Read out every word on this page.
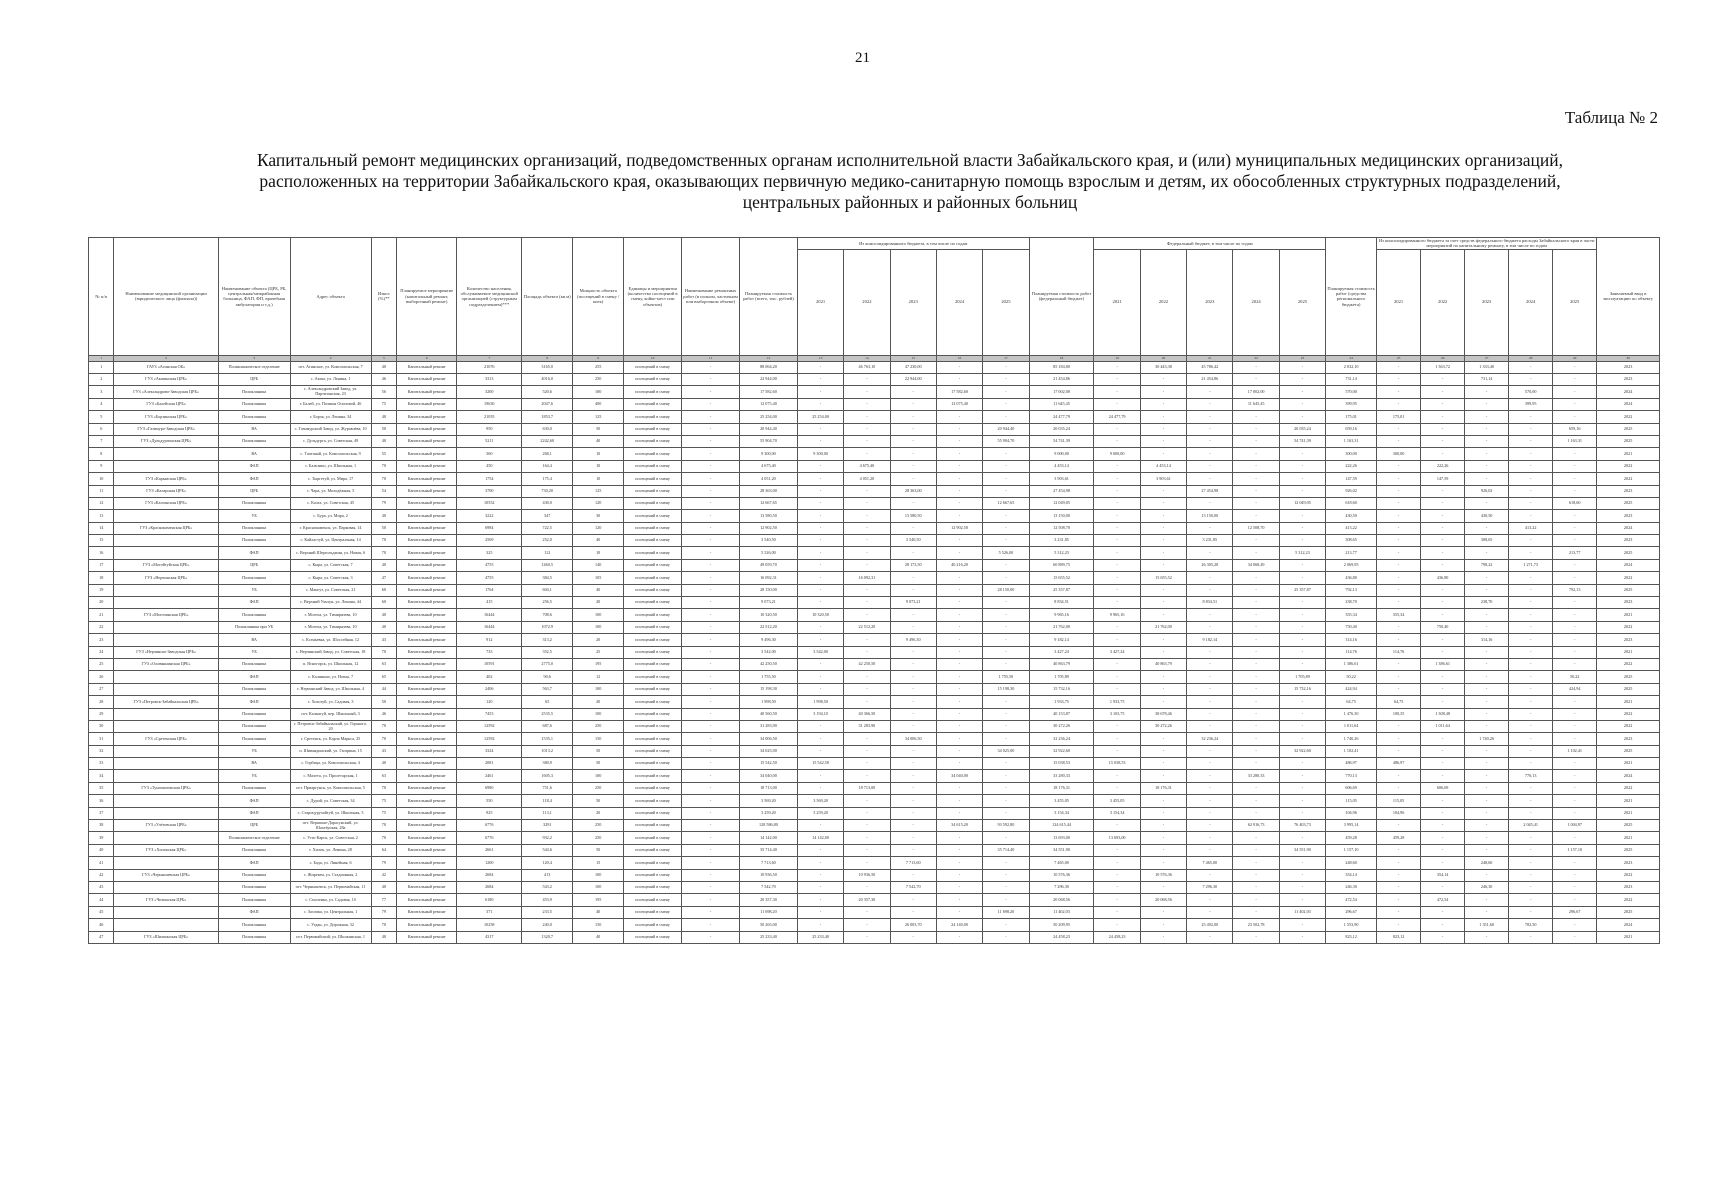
21
Таблица № 2
Капитальный ремонт медицинских организаций, подведомственных органам исполнительной власти Забайкальского края, и (или) муниципальных медицинских организаций,
расположенных на территории Забайкальского края, оказывающих первичную медико-санитарную помощь взрослым и детям, их обособленных структурных подразделений,
центральных районных и районных больниц
№ п/п	Наименование медицинской организации (юридического лица (филиала))	Наименование объекта (ЦРБ, РБ, центральная/межрайонная больница, ФАП, ФП, врачебная амбулатория и т.д.)	Адрес объекта	Износ (%)**	Планируемое мероприятие (капитальный ремонт, выборочный ремонт)	Количество населения, обслуживаемое медицинской организацией (структурным подразделением)***	Площадь объекта (кв.м)	Мощность объекта (посещений в смену / коек)	Единицы и мероприятия (количество посещений в смену, койко-мест или объектов)	Наименование ремонтных работ (в полном, частичном или выборочном объеме)	Планируемая стоимость работ (всего, тыс. рублей)	Из консолидированного бюджета, в том числе по годам					Планируемая стоимость работ (федеральный бюджет)	Федеральный бюджет, в том числе по годам					Планируемая стоимость работ (средства регионального бюджета)	Из консолидированного бюджета за счет средств федерального бюджета расходы Забайкальского края в части мероприятий по капитальному ремонту, в том числе по годам					Заявляемый ввод в эксплуатацию по объекту
												2021	2022	2023	2024	2025		2021	2022	2023	2024	2025		2021	2022	2023	2024	2025	
1	2	3	4	5	6	7	8	9	10	11	12	13	14	15	16	17	18	19	20	21	22	23	24	25	26	27	28	29	30
1	ГАУЗ «Агинская ОБ»	Поликлиническое отделение	пгт. Агинское, ул. Комсомольская, 7	40	Капитальный ремонт	21076	3165,0	255	посещений в смену	-	88 064,20	-	46 763,10	47 230,00	-	-	85 184,80	-	30 443,38	45 786,42	-	-	2 032,10	-	1 363,72	1 333,40	-	-	2023
2	ГУЗ «Акшинская ЦРБ»	ЦРБ	с. Акша, ул. Ленина, 1	46	Капитальный ремонт	3313	4016,0	250	посещений в смену	-	22 944,00	-	-	22 944,00	-	-	21 454,86	-	-	21 454,86	-	-	731,14	-	-	731,14	-	-	2023
3	ГУЗ «Александрово-Заводская ЦРБ»	Поликлиника	с. Александровский Завод, ул. Партизанская, 23	56	Капитальный ремонт	3200	520,6	100	посещений в смену	-	17 582,60	-	-	-	17 582,60	-	17 002,00	-	-	-	17 002,00	-	570,00	-	-	-	570,00	-	2024
4	ГУЗ «Балейская ЦРБ»	Поликлиника	г. Балей, ул. Полины Осиповой, 46	75	Капитальный ремонт	19630	2047,6	400	посещений в смену	-	12 075,40	-	-	-	12 075,40	-	11 645,45	-	-	-	11 645,45	-	399,95	-	-	-	399,95	-	2024
5	ГУЗ «Борзинская ЦРБ»	Поликлиника	г. Борзя, ул. Ленина, 34	40	Капитальный ремонт	21035	1853,7	125	посещений в смену	-	25 254,00	25 254,00	-	-	-	-	24 477,79	24 477,79	-	-	-	-	175,01	175,01	-	-	-	-	2022
6	ГУЗ «Газимуро-Заводская ЦРБ»	ВА	с. Газимурский Завод, ул. Журавлёва, 10	50	Капитальный ремонт	950	630,0	50	посещений в смену	-	20 944,40	-	-	-	-	20 944,40	20 035,24	-	-	-	-	20 035,24	659,16	-	-	-	-	659,16	2025
7	ГУЗ «Дульдургинская ЦРБ»	Поликлиника	с. Дульдурга, ул. Советская, 49	40	Капитальный ремонт	5211	2242,60	40	посещений в смену	-	55 904,70	-	-	-	-	55 904,70	54 741,39	-	-	-	-	54 741,39	1 163,31	-	-	-	-	1 163,31	2025
8		ВА	с. Таптанай, ул. Комсомольская, 9	55	Капитальный ремонт	360	268,1	10	посещений в смену	-	9 300,00	9 300,00	-	-	-	-	9 000,00	9 000,00	-	-	-	-	300,00	300,00	-	-	-	-	2021
9		ФАП	с. Бальзино, ул. Школьная, 1	70	Капитальный ремонт	450	164,4	10	посещений в смену	-	4 675,40	-	4 675,40	-	-	-	4 453,14	-	4 453,14	-	-	-	222,26	-	222,26	-	-	-	2022
10	ГУЗ «Карымская ЦРБ»	ФАП	с. Тыргетуй, ул. Мира, 17	70	Капитальный ремонт	1754	175,4	10	посещений в смену	-	4 051,20	-	4 051,20	-	-	-	3 903,61	-	3 903,61	-	-	-	147,59	-	147,59	-	-	-	2022
11	ГУЗ «Каларская ЦРБ»	ЦРБ	с. Чара, ул. Молодёжная, 5	54	Капитальный ремонт	3700	730,20	125	посещений в смену	-	28 363,00	-	-	28 363,00	-	-	27 454,98	-	-	27 454,98	-	-	926,02	-	-	926,02	-	-	2023
12	ГУЗ «Калганская ЦРБ»	Поликлиника	с. Калга, ул. Советская, 45	79	Капитальный ремонт	10552	430,0	120	посещений в смену	-	12 667,65	-	-	-	-	12 667,65	12 049,05	-	-	-	-	12 049,05	618,60	-	-	-	-	618,60	2025
13		УБ	с. Бура, ул. Мира, 2	40	Капитальный ремонт	3222	347	30	посещений в смену	-	13 580,50	-	-	13 580,50	-	-	13 150,00	-	-	13 150,00	-	-	430,50	-	-	430,50	-	-	2023
14	ГУЗ «Краснокаменская ЦРБ»	Поликлиника	г. Краснокаменск, ул. Парковая, 14	50	Капитальный ремонт	6984	722,5	120	посещений в смену	-	12 902,50	-	-	-	12 902,50	-	12 508,70	-	-	-	12 508,70	-	413,22	-	-	-	413,22	-	2024
15		Поликлиника	с. Кайластуй, ул. Центральная, 14	70	Капитальный ремонт	2569	252,0	40	посещений в смену	-	3 540,50	-	-	3 540,50	-	-	3 231,85	-	-	3 231,85	-	-	308,65	-	-	308,65	-	-	2023
16		ФАП	с. Верхний Шергольджин, ул. Новая, 6	70	Капитальный ремонт	325	112	10	посещений в смену	-	5 526,00	-	-	-	-	5 526,00	5 312,23	-	-	-	-	5 312,23	213,77	-	-	-	-	213,77	2025
17	ГУЗ «Могойтуйская ЦРБ»	ЦРБ	с. Кыра, ул. Советская, 7	40	Капитальный ремонт	4755	1460,5	140	посещений в смену	-	49 059,70	-	-	28 173,50	40 216,20	-	60 889,75	-	-	26 305,28	34 068,49	-	2 069,95	-	-	798,22	1 271,73	-	2024
18	ГУЗ «Нерчинская ЦРБ»	Поликлиника	с. Кыра, ул. Советская, 3	47	Капитальный ремонт	4755	384,5	105	посещений в смену	-	16 092,31	-	16 092,31	-	-	-	15 655,52	-	15 655,52	-	-	-	436,80	-	436,80	-	-	-	2022
19		УБ	с. Мангут, ул. Советская, 21	60	Капитальный ремонт	1764	604,1	40	посещений в смену	-	28 150,00	-	-	-	-	28 150,00	25 357,87	-	-	-	-	25 357,87	792,13	-	-	-	-	792,13	2025
20		ФАП	с. Верхний Ульхун, ул. Ленина, 44	60	Капитальный ремонт	415	256,5	20	посещений в смену	-	9 073,21	-	-	9 073,21	-	-	8 834,51	-	-	8 834,51	-	-	238,70	-	-	238,70	-	-	2023
21	ГУЗ «Могочинская ЦРБ»	Поликлиника	г. Могоча, ул. Тимирязева, 10	40	Капитальный ремонт	16444	708,6	100	посещений в смену	-	10 320,50	10 320,50	-	-	-	-	9 965,16	9 965,16	-	-	-	-	355,34	355,34	-	-	-	-	2021
22		Поликлиника при УБ	г. Могоча, ул. Тимирязева, 10	40	Капитальный ремонт	16444	1072,9	100	посещений в смену	-	22 512,20	-	22 512,20	-	-	-	21 762,00	-	21 762,00	-	-	-	750,40	-	750,40	-	-	-	2022
23		ВА	с. Ксеньевка, ул. Шоссейная, 12	43	Капитальный ремонт	912	313,2	20	посещений в смену	-	9 496,30	-	-	9 496,30	-	-	9 182,14	-	-	9 182,14	-	-	314,16	-	-	314,16	-	-	2023
24	ГУЗ «Нерчинско-Заводская ЦРБ»	УБ	с. Нерчинский Завод, ул. Советская, 18	70	Капитальный ремонт	733	352,5	25	посещений в смену	-	3 542,00	3 542,00	-	-	-	-	3 427,24	3 427,24	-	-	-	-	114,76	114,76	-	-	-	-	2021
25	ГУЗ «Оловяннинская ЦРБ»	Поликлиника	п. Ясногорск, ул. Школьная, 12	63	Капитальный ремонт	10591	2775,0	195	посещений в смену	-	42 250,50	-	42 250,50	-	-	-	40 863,79	-	40 863,79	-	-	-	1 386,61	-	1 386,61	-	-	-	2022
26		ФАП	с. Калинино, ул. Новая, 7	65	Капитальный ремонт	402	90,6	12	посещений в смену	-	1 755,50	-	-	-	-	1 755,50	1 705,89	-	-	-	-	1 705,89	50,22	-	-	-	-	50,22	2025
27		Поликлиника	г. Нерчинский Завод, ул. Школьная, 4	44	Капитальный ремонт	2406	563,7	100	посещений в смену	-	15 198,30	-	-	-	-	15 198,30	15 732,16	-	-	-	-	15 732,16	424,94	-	-	-	-	424,94	2025
28	ГУЗ «Петровск-Забайкальская ЦРБ»	ФАП	с. Хохотуй, ул. Садовая, 3	50	Капитальный ремонт	120	65	20	посещений в смену	-	1 998,50	1 998,50	-	-	-	-	1 933,75	1 933,75	-	-	-	-	64,75	64,75	-	-	-	-	2021
29		Поликлиника	пгт. Калангуй, пер. Школьный, 3	46	Капитальный ремонт	7453	2535,5	100	посещений в смену	-	40 560,50	3 194,10	40 366,50	-	-	-	40 153,87	3 103,75	38 678,46	-	-	-	1 476,30	100,35	1 308,48	-	-	-	2022
30		Поликлиника	г. Петровск-Забайкальский, ул. Горького, 20	70	Капитальный ремонт	12592	687,6	250	посещений в смену	-	31 283,90	-	31 283,90	-	-	-	30 272,26	-	30 272,26	-	-	-	1 011,64	-	1 011,64	-	-	-	2022
31	ГУЗ «Сретенская ЦРБ»	Поликлиника	г. Сретенск, ул. Карла Маркса, 25	70	Капитальный ремонт	12592	1535,1	150	посещений в смену	-	34 006,50	-	-	34 006,50	-	-	32 236,24	-	-	32 236,24	-	-	1 740,26	-	-	1 740,26	-	-	2023
32		УБ	п. Шивандинский, ул. Гагарина, 15	43	Капитальный ремонт	3324	1013,2	50	посещений в смену	-	34 025,00	-	-	-	-	34 025,00	32 922,60	-	-	-	-	32 922,60	1 102,41	-	-	-	-	1 102,41	2025
33		ВА	с. Горбица, ул. Комсомольская, 4	40	Капитальный ремонт	2081	380,9	50	посещений в смену	-	15 542,50	15 542,50	-	-	-	-	15 038,53	15 038,53	-	-	-	-	486,97	486,97	-	-	-	-	2021
34		УБ	с. Малета, ул. Пролетарская, 1	63	Капитальный ремонт	2461	1605,3	100	посещений в смену	-	34 040,00	-	-	-	34 040,00	-	33 280,33	-	-	-	33 280,33	-	770,13	-	-	-	770,13	-	2024
35	ГУЗ «Тунгокоченская ЦРБ»	Поликлиника	пгт. Приаргунск, ул. Комсомольская, 5	70	Капитальный ремонт	6980	751,6	250	посещений в смену	-	18 713,00	-	18 713,00	-	-	-	18 176,31	-	18 176,31	-	-	-	606,69	-	606,69	-	-	-	2022
36		ФАП	с. Дурой, ул. Советская, 34	75	Капитальный ремонт	550	118,4	50	посещений в смену	-	3 569,20	3 569,20	-	-	-	-	3 455,05	3 455,05	-	-	-	-	115,05	115,05	-	-	-	-	2021
37		ФАП	с. Староцурухайтуй, ул. Школьная, 3	75	Капитальный ремонт	925	113,1	20	посещений в смену	-	3 259,20	3 259,20	-	-	-	-	3 154,34	3 154,34	-	-	-	-	104,96	104,96	-	-	-	-	2021
38	ГУЗ «Улётовская ЦРБ»	ЦРБ	пгт. Вершино-Дарасунский, ул. Шахтёрская, 28а	70	Капитальный ремонт	6776	3291	250	посещений в смену	-	128 586,80	-	-	-	34 615,20	93 592,80	124 615,44	-	-	-	62 916,73	76 403,73	3 995,14	-	-	-	2 045,41	1 004,97	2025
39		Поликлиническое отделение	с. Усть-Карск, ул. Советская, 2	70	Капитальный ремонт	6776	932,2	250	посещений в смену	-	14 142,00	14 142,00	-	-	-	-	13 693,00	13 693,00	-	-	-	-	459,28	459,28	-	-	-	-	2021
40	ГУЗ «Хилокская ЦРБ»	Поликлиника	г. Хилок, ул. Ленина, 28	64	Капитальный ремонт	2661	544,6	50	посещений в смену	-	35 714,40	-	-	-	-	35 714,40	34 551,90	-	-	-	-	34 551,90	1 157,10	-	-	-	-	1 157,10	2025
41		ФАП	с. Бада, ул. Линейная, 6	79	Капитальный ремонт	1200	120,4	15	посещений в смену	-	7 713,60	-	-	7 713,60	-	-	7 465,00	-	-	7 465,00	-	-	248,60	-	-	248,60	-	-	2023
42	ГУЗ «Чернышевская ЦРБ»	Поликлиника	с. Жирекен, ул. Стадионная, 2	42	Капитальный ремонт	2684	413	100	посещений в смену	-	10 936,50	-	10 936,50	-	-	-	10 576,36	-	10 576,36	-	-	-	354,14	-	354,14	-	-	-	2022
43		Поликлиника	пгт. Чернышевск, ул. Первомайская, 11	40	Капитальный ремонт	2684	543,2	100	посещений в смену	-	7 542,70	-	-	7 542,70	-	-	7 296,30	-	-	7 296,30	-	-	246,30	-	-	246,30	-	-	2023
44	ГУЗ «Читинская ЦРБ»	Поликлиника	с. Смоленка, ул. Садовая, 1б	77	Капитальный ремонт	6180	453,9	195	посещений в смену	-	20 357,30	-	20 357,30	-	-	-	20 068,56	-	20 068,56	-	-	-	472,54	-	472,54	-	-	-	2022
45		ФАП	с. Засопка, ул. Центральная, 1	79	Капитальный ремонт	371	233,5	40	посещений в смену	-	11 698,20	-	-	-	-	11 698,20	11 402,03	-	-	-	-	11 402,03	296,67	-	-	-	-	296,67	2025
46		Поликлиника	с. Угдан, ул. Дорожная, 32	70	Капитальный ремонт	10258	240,0	150	посещений в смену	-	50 265,00	-	-	26 003,70	24 140,00	-	50 209,95	-	-	25 492,00	23 502,78	-	1 553,90	-	-	1 351,60	782,50	-	2024
47	ГУЗ «Шилкинская ЦРБ»	Поликлиника	пгт. Первомайский, ул. Шилкинская, 1	40	Капитальный ремонт	4317	1320,7	40	посещений в смену	-	25 233,40	25 233,40	-	-	-	-	24 458,23	24 458,23	-	-	-	-	823,12	823,12	-	-	-	-	2021
